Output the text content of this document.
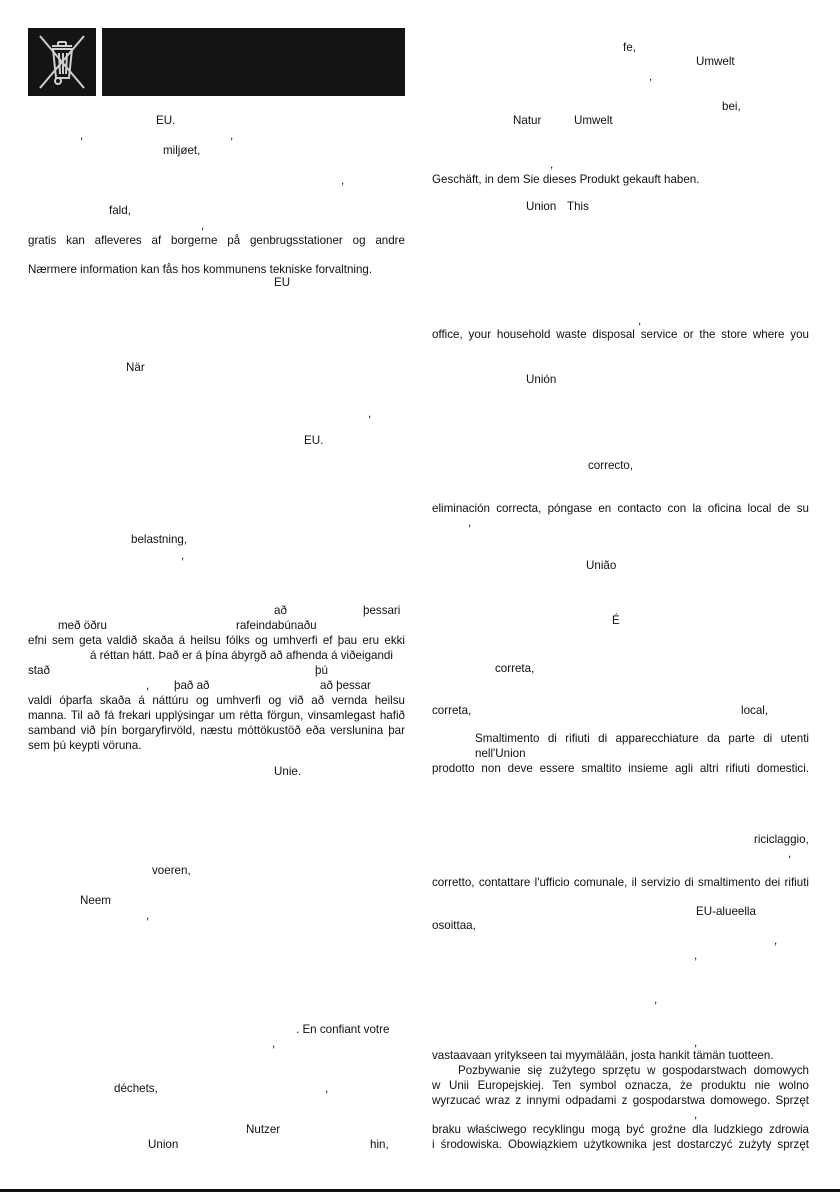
EU.

,	,

miljøet,

,

fald,

,

gratis kan afleveres af borgerne på genbrugsstationer og andre

Nærmere information kan fås hos kommunens tekniske forvaltning.

EU

När

,

EU.

belastning,

,

að	þessari

með öðru	rafeindabúnaðu

efni sem geta valdið skaða á heilsu fólks og umhverfi ef þau eru ekki

á réttan hátt. Það er á þína ábyrgð að afhenda á viðeigandi

stað	þú

, það að	að þessar

valdi óþarfa skaða á náttúru og umhverfi og við að vernda heilsu

manna. Til að fá frekari upplýsingar um rétta förgun, vinsamlegast hafið

samband við þín borgaryfirvöld, næstu móttökustöð eða verslunina þar

sem þú keypti vöruna.

Unie.

voeren,

Neem

,

. En confiant votre

,

déchets,	,

Nutzer

Union	hin,

fe,

Umwelt

,

bei,

Natur	Umwelt

,

Geschäft, in dem Sie dieses Produkt gekauft haben.

Union This

,

office, your household waste disposal service or the store where you

Unión

correcto,

eliminación correcta, póngase en contacto con la oficina local de su

,

União

É

correta,

correta,	local,

Smaltimento di rifiuti di apparecchiature da parte di utenti

nell'Union

prodotto non deve essere smaltito insieme agli altri rifiuti domestici.

riciclaggio,

,

corretto, contattare l'ufficio comunale, il servizio di smaltimento dei rifiuti

EU-alueella

osoittaa,

,

,

,

,

vastaavaan yritykseen tai myymälään, josta hankit tämän tuotteen.

Pozbywanie się zużytego sprzętu w gospodarstwach domowych

w Unii Europejskiej. Ten symbol oznacza, że produktu nie wolno

wyrzucać wraz z innymi odpadami z gospodarstwa domowego. Sprzęt

,

braku właściwego recyklingu mogą być groźne dla ludzkiego zdrowia

i środowiska. Obowiązkiem użytkownika jest dostarczyć zużyty sprzęt
